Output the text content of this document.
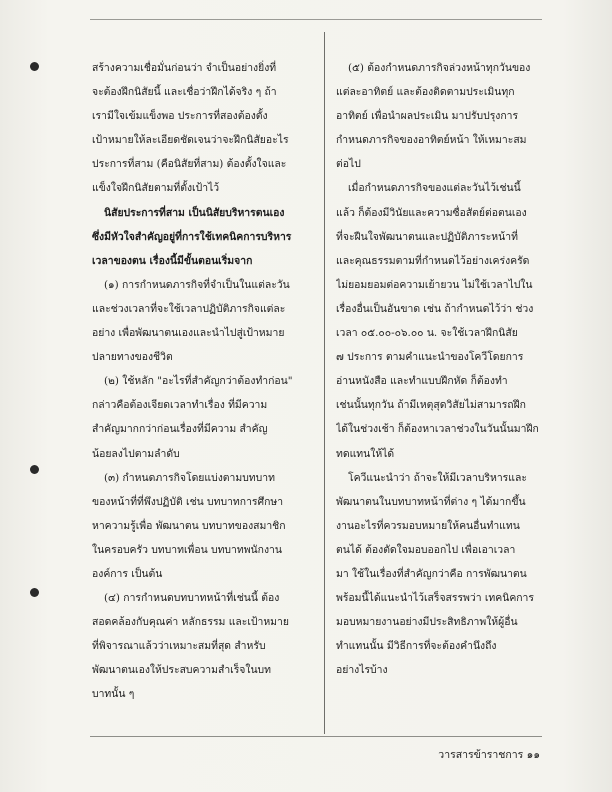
สร้างความเชื่อมั่นก่อนว่า จำเป็นอย่างยิ่งที่
จะต้องฝึกนิสัยนี้ และเชื่อว่าฝึกได้จริง ๆ ถ้า
เรามีใจเข้มแข็งพอ ประการที่สองต้องตั้ง
เป้าหมายให้ละเอียดชัดเจนว่าจะฝึกนิสัยอะไร
ประการที่สาม (คือนิสัยที่สาม) ต้องตั้งใจและ
แข็งใจฝึกนิสัยตามที่ตั้งเป้าไว้
นิสัยประการที่สาม เป็นนิสัยบริหารตนเอง
ซึ่งมีหัวใจสำคัญอยู่ที่การใช้เทคนิคการบริหาร
เวลาของตน เรื่องนี้มีขั้นตอนเริ่มจาก
(๑) การกำหนดภารกิจที่จำเป็นในแต่ละวัน
และช่วงเวลาที่จะใช้เวลาปฏิบัติภารกิจแต่ละ
อย่าง เพื่อพัฒนาตนเองและนำไปสู่เป้าหมาย
ปลายทางของชีวิต
(๒) ใช้หลัก "อะไรที่สำคัญกว่าต้องทำก่อน"
กล่าวคือต้องเจียดเวลาทำเรื่อง ที่มีความ
สำคัญมากกว่าก่อนเรื่องที่มีความ สำคัญ
น้อยลงไปตามลำดับ
(๓) กำหนดภารกิจโดยแบ่งตามบทบาท
ของหน้าที่ที่พึงปฏิบัติ เช่น บทบาทการศึกษา
หาความรู้เพื่อ พัฒนาตน บทบาทของสมาชิก
ในครอบครัว บทบาทเพื่อน บทบาทพนักงาน
องค์การ เป็นต้น
(๔) การกำหนดบทบาทหน้าที่เช่นนี้ ต้อง
สอดคล้องกับคุณค่า หลักธรรม และเป้าหมาย
ที่พิจารณาแล้วว่าเหมาะสมที่สุด สำหรับ
พัฒนาตนเองให้ประสบความสำเร็จในบท
บาทนั้น ๆ
(๕) ต้องกำหนดภารกิจล่วงหน้าทุกวันของ
แต่ละอาทิตย์ และต้องติดตามประเมินทุก
อาทิตย์ เพื่อนำผลประเมิน มาปรับปรุงการ
กำหนดภารกิจของอาทิตย์หน้า ให้เหมาะสม
ต่อไป
เมื่อกำหนดภารกิจของแต่ละวันไว้เช่นนี้
แล้ว ก็ต้องมีวินัยและความซื่อสัตย์ต่อตนเอง
ที่จะฝืนใจพัฒนาตนและปฏิบัติภาระหน้าที่
และคุณธรรมตามที่กำหนดไว้อย่างเคร่งครัด
ไม่ยอมยอมต่อความเย้ายวน ไม่ใช้เวลาไปใน
เรื่องอื่นเป็นอันขาด เช่น ถ้ากำหนดไว้ว่า ช่วง
เวลา ๐๕.๐๐-๐๖.๐๐ น. จะใช้เวลาฝึกนิสัย
๗ ประการ ตามคำแนะนำของโควีโดยการ
อ่านหนังสือ และทำแบบฝึกหัด ก็ต้องทำ
เช่นนั้นทุกวัน ถ้ามีเหตุสุดวิสัยไม่สามารถฝึก
ได้ในช่วงเช้า ก็ต้องหาเวลาช่วงในวันนั้นมาฝึก
ทดแทนให้ได้
โควีแนะนำว่า ถ้าจะให้มีเวลาบริหารและ
พัฒนาตนในบทบาทหน้าที่ต่าง ๆ ได้มากขึ้น
งานอะไรที่ควรมอบหมายให้คนอื่นทำแทน
ตนได้ ต้องตัดใจมอบออกไป เพื่อเอาเวลา
มา ใช้ในเรื่องที่สำคัญกว่าคือ การพัฒนาตน
พร้อมนี้ได้แนะนำไว้เสร็จสรรพว่า เทคนิคการ
มอบหมายงานอย่างมีประสิทธิภาพให้ผู้อื่น
ทำแทนนั้น มีวิธีการที่จะต้องคำนึงถึง
อย่างไรบ้าง
วารสารข้าราชการ ๑๑
